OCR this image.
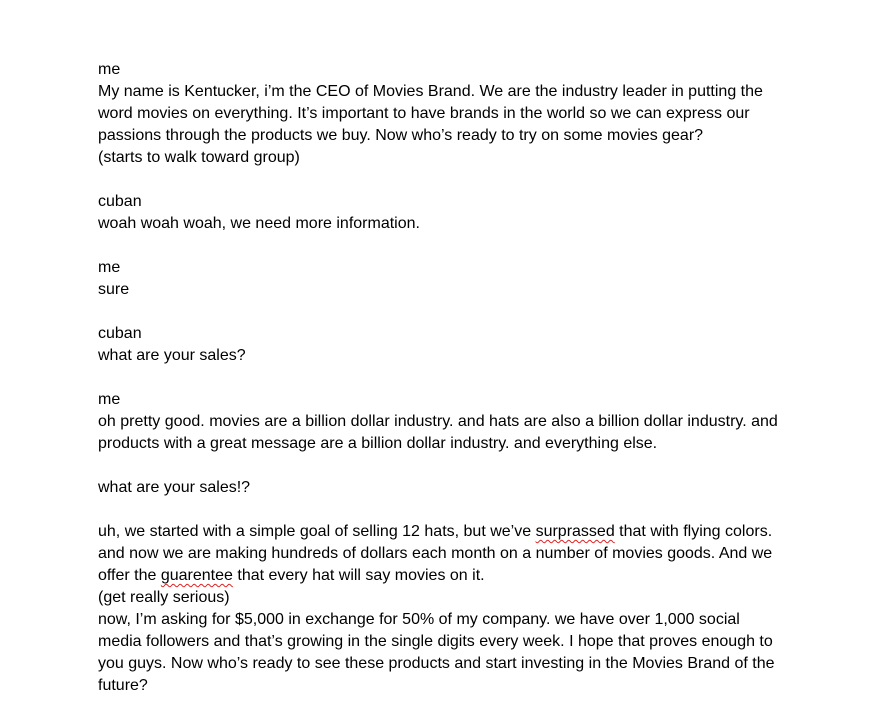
me
My name is Kentucker, i’m the CEO of Movies Brand. We are the industry leader in putting the
word movies on everything. It’s important to have brands in the world so we can express our
passions through the products we buy. Now who’s ready to try on some movies gear?
(starts to walk toward group)
cuban
woah woah woah, we need more information.
me
sure
cuban
what are your sales?
me
oh pretty good. movies are a billion dollar industry. and hats are also a billion dollar industry. and
products with a great message are a billion dollar industry. and everything else.
what are your sales!?
uh, we started with a simple goal of selling 12 hats, but we’ve surprassed that with flying colors.
and now we are making hundreds of dollars each month on a number of movies goods. And we
offer the guarentee that every hat will say movies on it.
(get really serious)
now, I’m asking for $5,000 in exchange for 50% of my company. we have over 1,000 social
media followers and that’s growing in the single digits every week. I hope that proves enough to
you guys. Now who’s ready to see these products and start investing in the Movies Brand of the
future?
